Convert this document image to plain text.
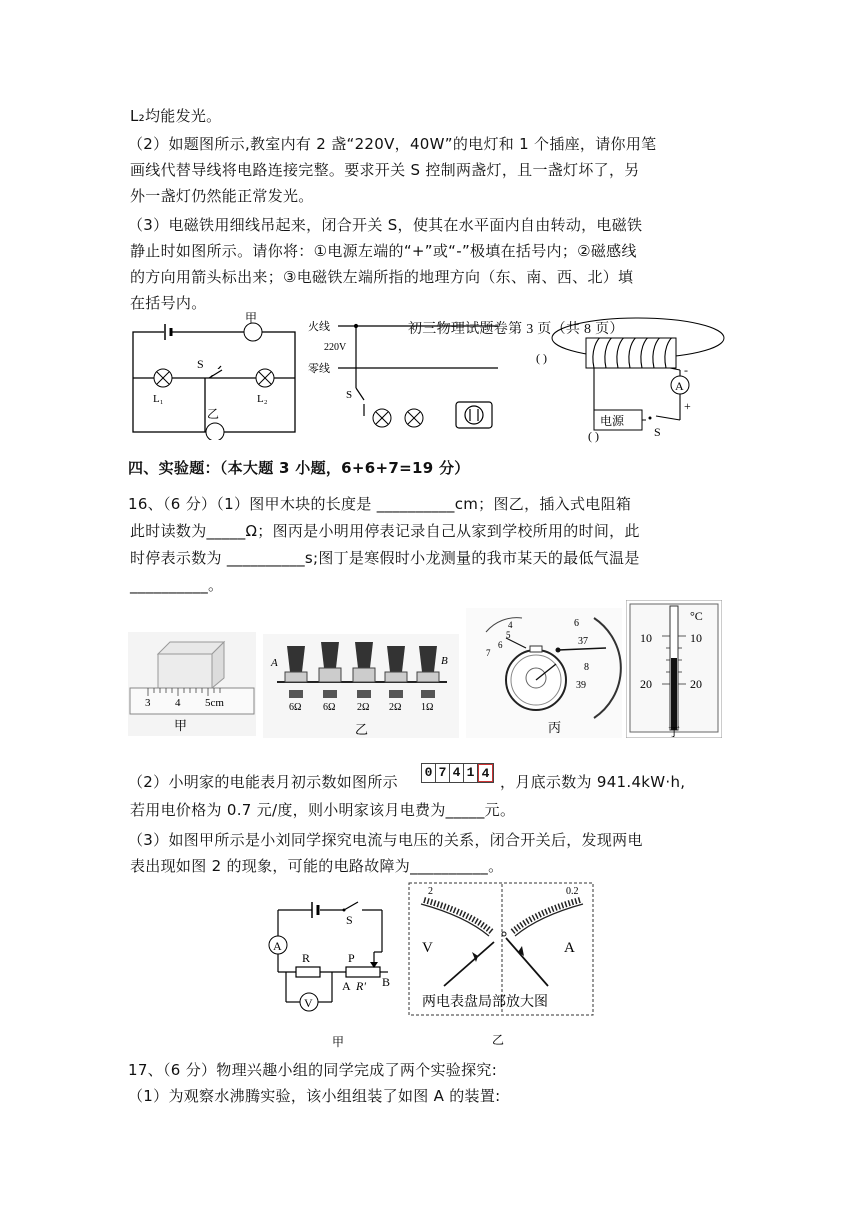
L₂均能发光。
（2）如题图所示,教室内有 2 盏“220V，40W”的电灯和 1 个插座，请你用笔
画线代替导线将电路连接完整。要求开关 S 控制两盏灯，且一盏灯坏了，另
外一盏灯仍然能正常发光。
（3）电磁铁用细线吊起来，闭合开关 S，使其在水平面内自由转动，电磁铁
静止时如图所示。请你将：①电源左端的“+”或“-”极填在括号内；②磁感线
的方向用箭头标出来；③电磁铁左端所指的地理方向（东、南、西、北）填
在括号内。
甲
S
L₁	L₂
乙
火线
220V
零线
S
初三物理试题卷第 3 页（共 8 页）
( )
电源
S
A
-
+
( )
四、实验题：（本大题 3 小题，6+6+7=19 分）
16、（6 分）（1）图甲木块的长度是 __________cm；图乙，插入式电阻箱
此时读数为_____Ω；图丙是小明用停表记录自己从家到学校所用的时间，此
时停表示数为 __________s;图丁是寒假时小龙测量的我市某天的最低气温是
__________。
3 4 5cm
甲
A	B
6Ω 6Ω 2Ω 2Ω 1Ω
乙
4
5
6
7
6
37
8
39
丙
°C
10	10
20	20
丁
（2）小明家的电能表月初示数如图所示
0 7 4 1 4 ，月底示数为 941.4kW·h,
若用电价格为 0.7 元/度，则小明家该月电费为_____元。
（3）如图甲所示是小刘同学探究电流与电压的关系，闭合开关后，发现两电
表出现如图 2 的现象，可能的电路故障为__________。
S
A
R	P
A R' B
V
甲
2	0.2
V	A
两电表盘局部放大图
乙
17、（6 分）物理兴趣小组的同学完成了两个实验探究:
（1）为观察水沸腾实验，该小组组装了如图 A 的装置:
